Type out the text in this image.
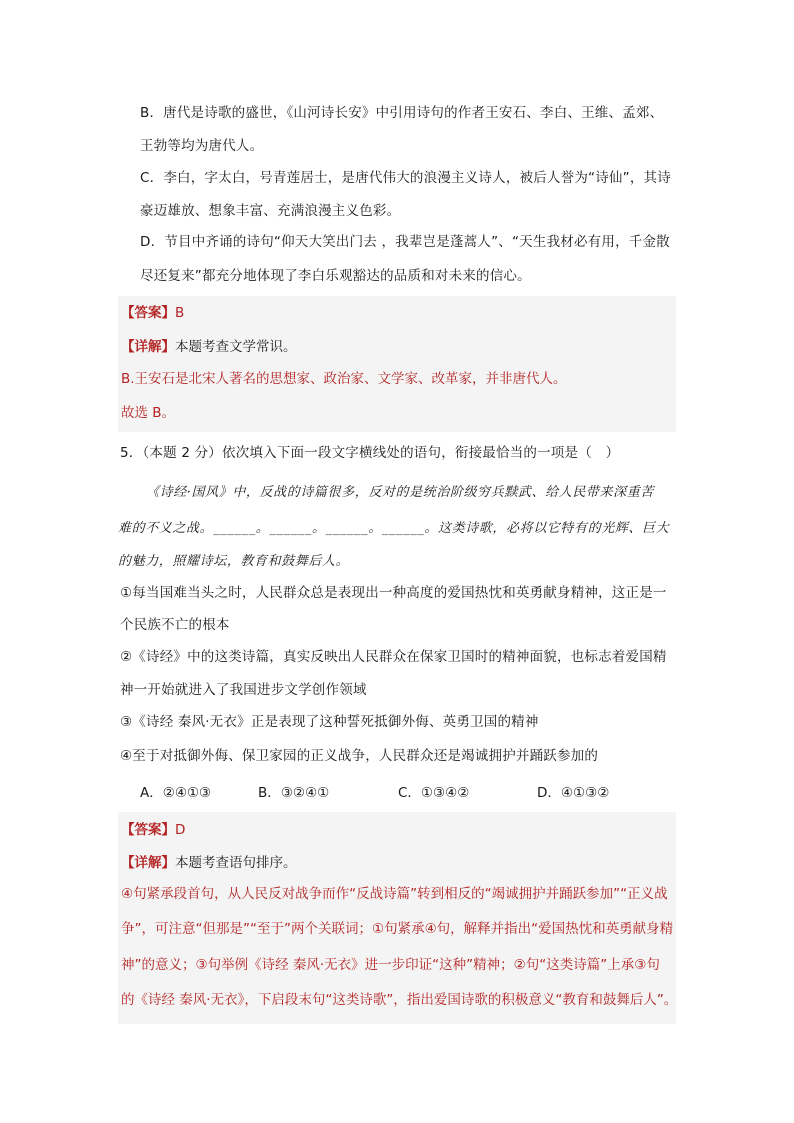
B．唐代是诗歌的盛世，《山河诗长安》中引用诗句的作者王安石、李白、王维、孟郊、
王勃等均为唐代人。
C．李白，字太白，号青莲居士，是唐代伟大的浪漫主义诗人，被后人誉为“诗仙”，其诗
豪迈雄放、想象丰富、充满浪漫主义色彩。
D．节目中齐诵的诗句“仰天大笑出门去 ，我辈岂是蓬蒿人”、“天生我材必有用，千金散
尽还复来”都充分地体现了李白乐观豁达的品质和对未来的信心。
【答案】B
【详解】本题考查文学常识。
B.王安石是北宋人著名的思想家、政治家、文学家、改革家，并非唐代人。
故选 B。
5．（本题 2 分）依次填入下面一段文字横线处的语句，衔接最恰当的一项是（　）
《诗经·国风》中，反战的诗篇很多，反对的是统治阶级穷兵黩武、给人民带来深重苦
难的不义之战。______。______。______。______。这类诗歌，必将以它特有的光辉、巨大
的魅力，照耀诗坛，教育和鼓舞后人。
①每当国难当头之时，人民群众总是表现出一种高度的爱国热忱和英勇献身精神，这正是一
个民族不亡的根本
②《诗经》中的这类诗篇，真实反映出人民群众在保家卫国时的精神面貌，也标志着爱国精
神一开始就进入了我国进步文学创作领域
③《诗经 秦风·无衣》正是表现了这种誓死抵御外侮、英勇卫国的精神
④至于对抵御外侮、保卫家园的正义战争，人民群众还是竭诚拥护并踊跃参加的
A．②④①③	B．③②④①	C．①③④②	D．④①③②
【答案】D
【详解】本题考查语句排序。
④句紧承段首句，从人民反对战争而作“反战诗篇”转到相反的“竭诚拥护并踊跃参加”“正义战
争”，可注意“但那是”“至于”两个关联词；①句紧承④句，解释并指出“爱国热忱和英勇献身精
神”的意义；③句举例《诗经 秦风·无衣》进一步印证“这种”精神；②句“这类诗篇”上承③句
的《诗经 秦风·无衣》，下启段末句“这类诗歌”，指出爱国诗歌的积极意义“教育和鼓舞后人”。
